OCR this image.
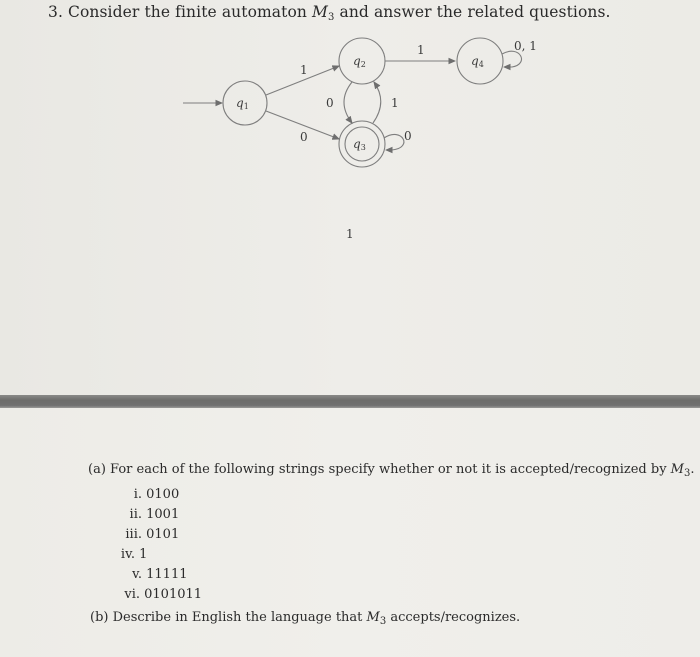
3. Consider the finite automaton $M_3$ and answer the related questions.
q1
q2
q3
q4
1
0
0	1
0
1	0, 1
1
(a) For each of the following strings specify whether or not it is accepted/recognized by $M_3$.
i. 0100
ii. 1001
iii. 0101
iv. 1
v. 11111
vi. 0101011
(b) Describe in English the language that $M_3$ accepts/recognizes.
